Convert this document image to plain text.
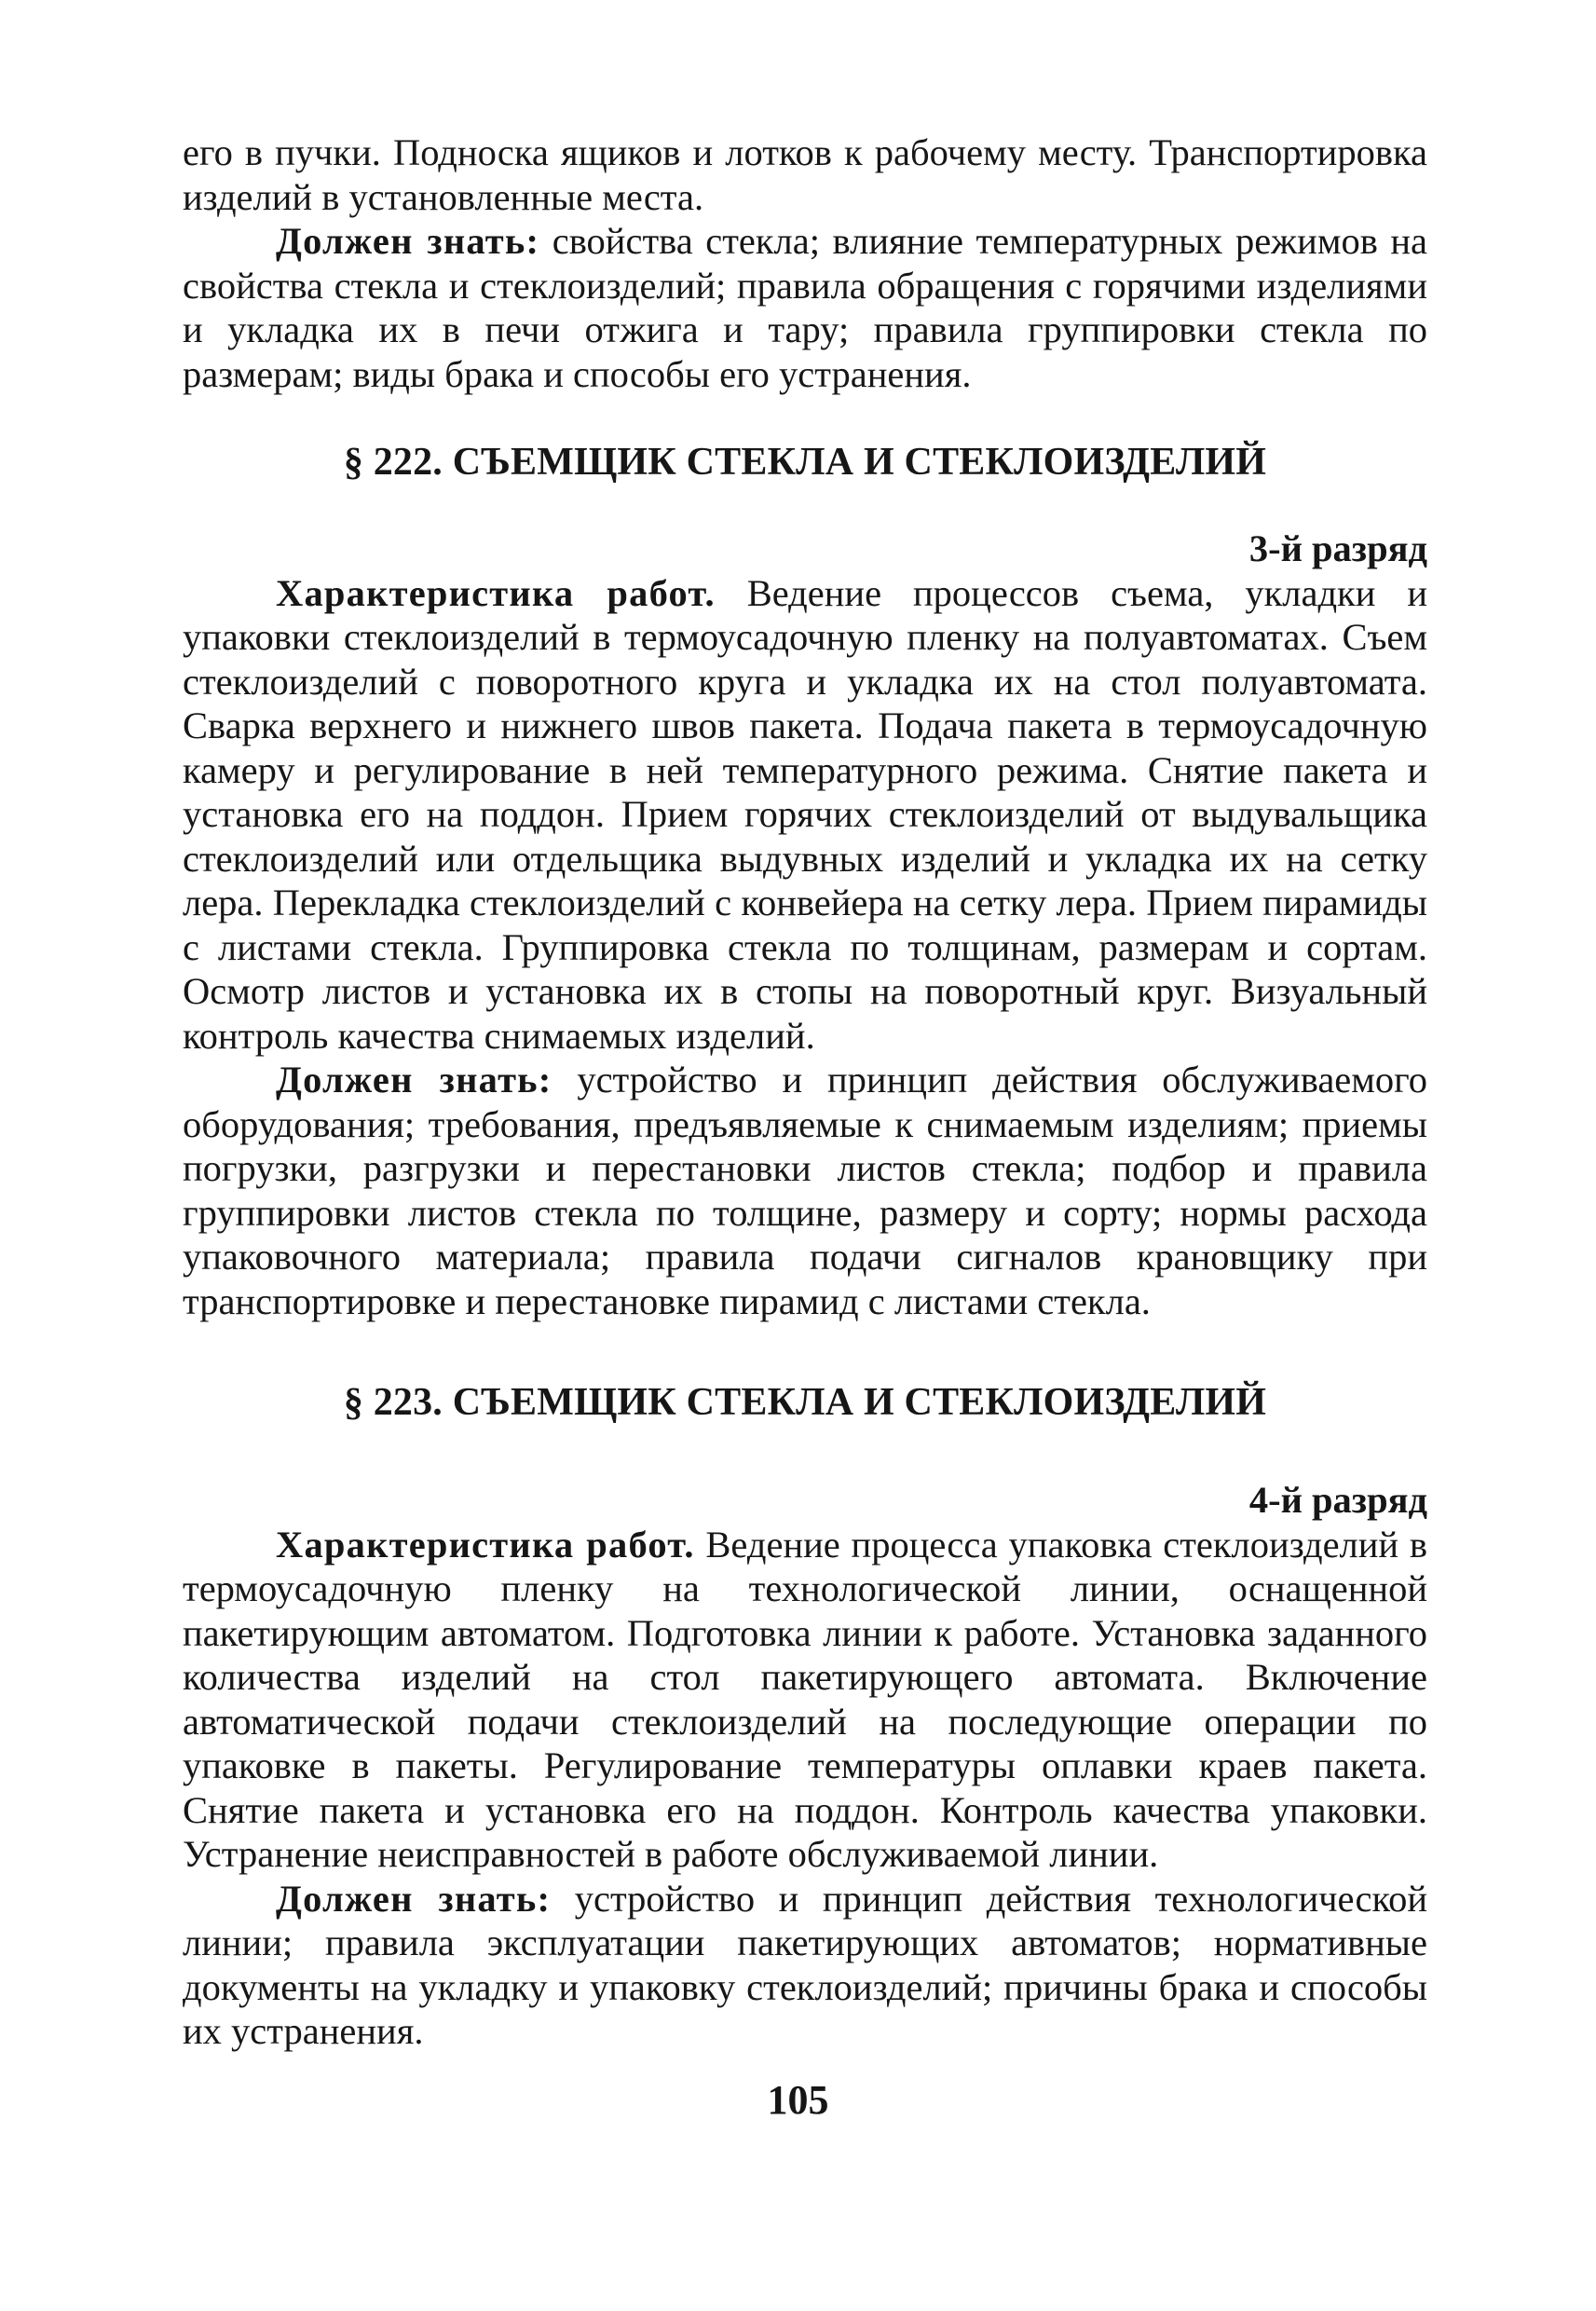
его в пучки. Подноска ящиков и лотков к рабочему месту. Транспортировка изделий в установленные места.

Должен знать: свойства стекла; влияние температурных режимов на свойства стекла и стеклоизделий; правила обращения с горячими изделиями и укладка их в печи отжига и тару; правила группировки стекла по размерам; виды брака и способы его устранения.

§ 222. СЪЕМЩИК СТЕКЛА И СТЕКЛОИЗДЕЛИЙ

3-й разряд

Характеристика работ. Ведение процессов съема, укладки и упаковки стеклоизделий в термоусадочную пленку на полуавтоматах. Съем стеклоизделий с поворотного круга и укладка их на стол полуавтомата. Сварка верхнего и нижнего швов пакета. Подача пакета в термоусадочную камеру и регулирование в ней температурного режима. Снятие пакета и установка его на поддон. Прием горячих стеклоизделий от выдувальщика стеклоизделий или отдельщика выдувных изделий и укладка их на сетку лера. Перекладка стеклоизделий с конвейера на сетку лера. Прием пирамиды с листами стекла. Группировка стекла по толщинам, размерам и сортам. Осмотр листов и установка их в стопы на поворотный круг. Визуальный контроль качества снимаемых изделий.

Должен знать: устройство и принцип действия обслуживаемого оборудования; требования, предъявляемые к снимаемым изделиям; приемы погрузки, разгрузки и перестановки листов стекла; подбор и правила группировки листов стекла по толщине, размеру и сорту; нормы расхода упаковочного материала; правила подачи сигналов крановщику при транспортировке и перестановке пирамид с листами стекла.

§ 223. СЪЕМЩИК СТЕКЛА И СТЕКЛОИЗДЕЛИЙ

4-й разряд

Характеристика работ. Ведение процесса упаковка стеклоизделий в термоусадочную пленку на технологической линии, оснащенной пакетирующим автоматом. Подготовка линии к работе. Установка заданного количества изделий на стол пакетирующего автомата. Включение автоматической подачи стеклоизделий на последующие операции по упаковке в пакеты. Регулирование температуры оплавки краев пакета. Снятие пакета и установка его на поддон. Контроль качества упаковки. Устранение неисправностей в работе обслуживаемой линии.

Должен знать: устройство и принцип действия технологической линии; правила эксплуатации пакетирующих автоматов; нормативные документы на укладку и упаковку стеклоизделий; причины брака и способы их устранения.

105
